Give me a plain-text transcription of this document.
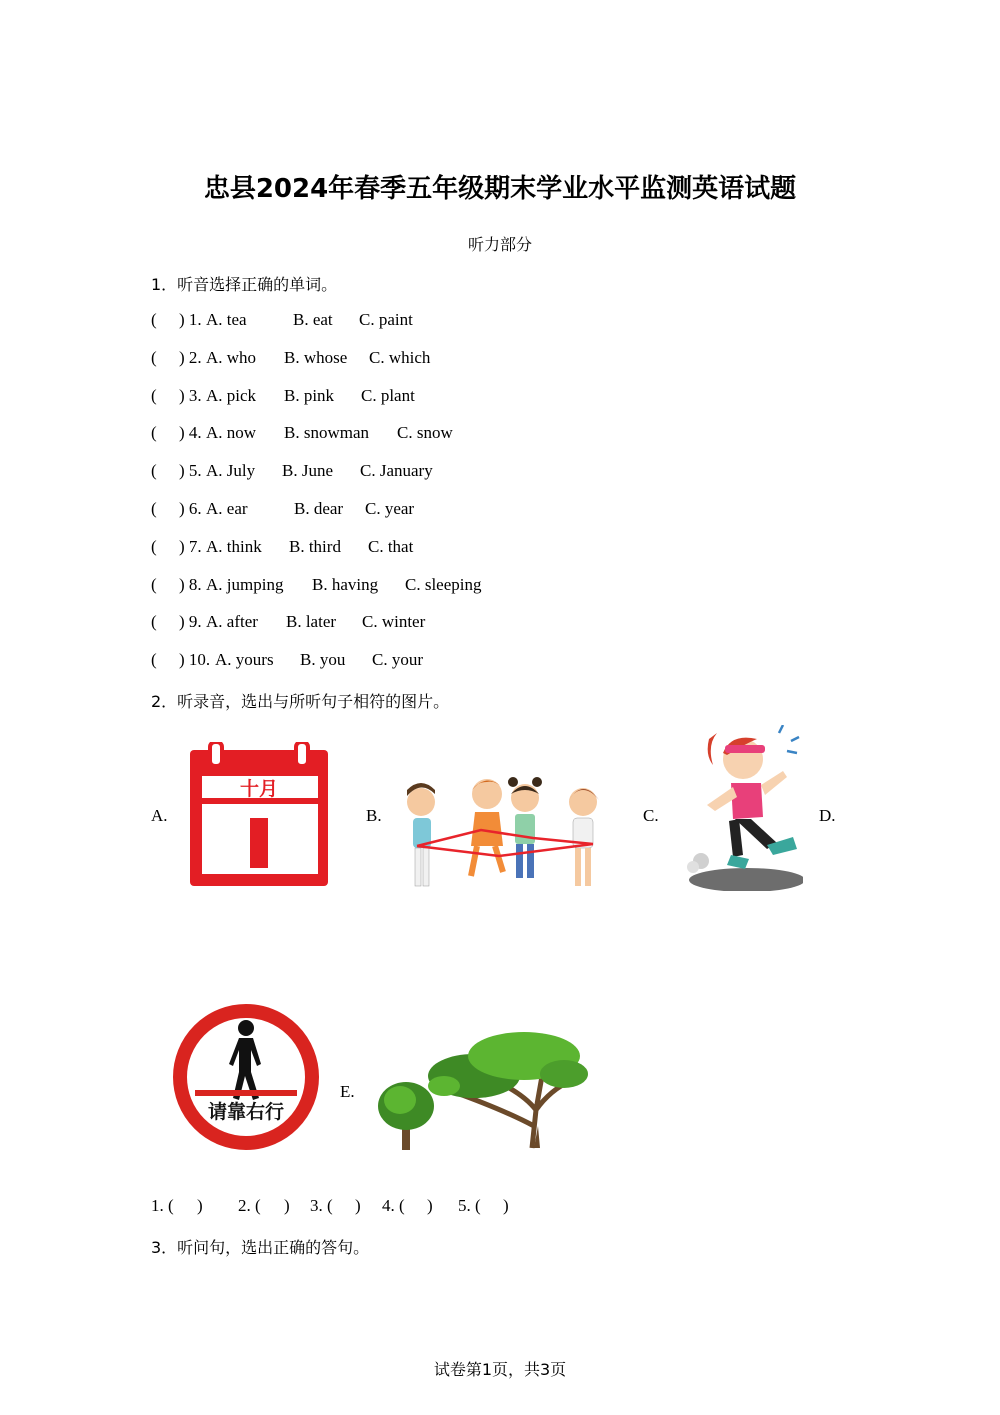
忠县2024年春季五年级期末学业水平监测英语试题
听力部分
1．听音选择正确的单词。
( ) 1. A. tea	B. eat C. paint
( ) 2. A. who B. whose C. which
( ) 3. A. pick B. pink C. plant
( ) 4. A. now B. snowman C. snow
( ) 5. A. July B. June C. January
( ) 6. A. ear	B. dear C. year
( ) 7. A. think B. third C. that
( ) 8. A. jumping B. having C. sleeping
( ) 9. A. after B. later C. winter
( ) 10. A. yours B. you C. your
2．听录音，选出与所听句子相符的图片。
A.	B.	C.	D.
E.
十月
请靠右行
1. ( ) 2. ( ) 3. ( ) 4. ( ) 5. ( )
3．听问句，选出正确的答句。
试卷第1页，共3页
